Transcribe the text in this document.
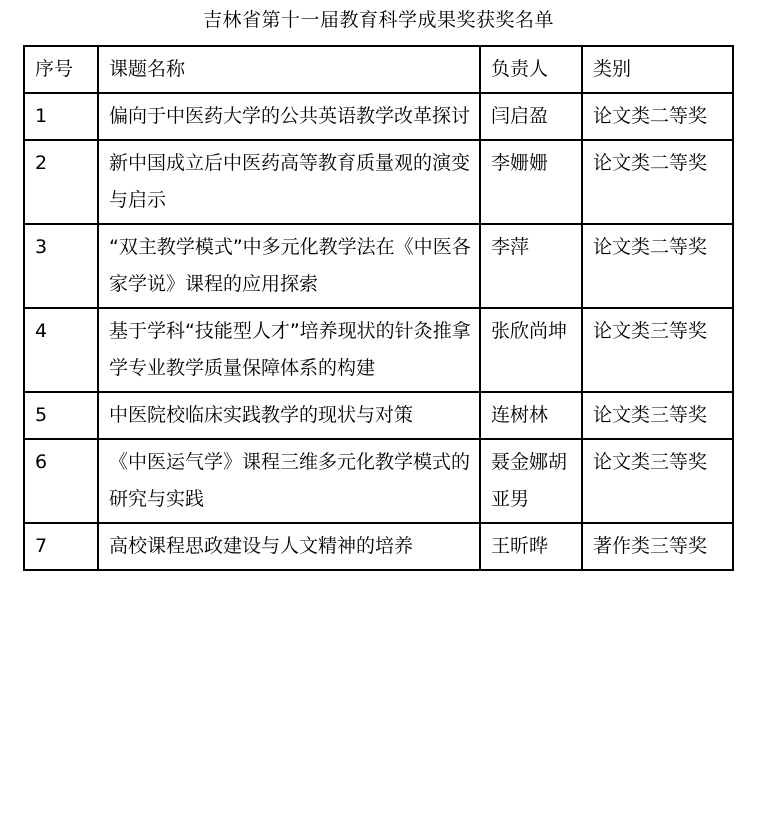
吉林省第十一届教育科学成果奖获奖名单
序号	课题名称	负责人	类别
1	偏向于中医药大学的公共英语教学改革探讨	闫启盈	论文类二等奖
2	新中国成立后中医药高等教育质量观的演变与启示	李姗姗	论文类二等奖
3	“双主教学模式”中多元化教学法在《中医各家学说》课程的应用探索	李萍	论文类二等奖
4	基于学科“技能型人才”培养现状的针灸推拿学专业教学质量保障体系的构建	张欣尚坤	论文类三等奖
5	中医院校临床实践教学的现状与对策	连树林	论文类三等奖
6	《中医运气学》课程三维多元化教学模式的研究与实践	聂金娜胡亚男	论文类三等奖
7	高校课程思政建设与人文精神的培养	王昕晔	著作类三等奖
